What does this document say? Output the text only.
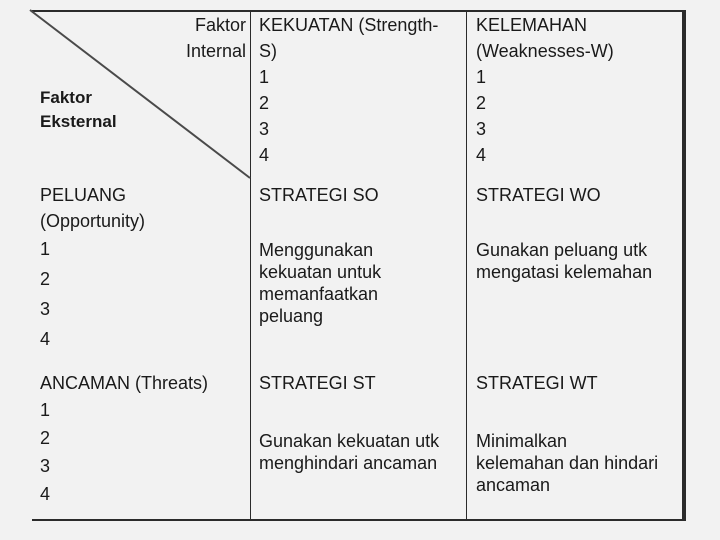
Faktor
Internal
Faktor
Eksternal
KEKUATAN (Strength-
S)
1
2
3
4
KELEMAHAN
(Weaknesses-W)
1
2
3
4
PELUANG
(Opportunity)
1
2
3
4
STRATEGI SO
Menggunakan
kekuatan untuk
memanfaatkan
peluang
STRATEGI WO
Gunakan peluang utk
mengatasi kelemahan
ANCAMAN (Threats)
1
2
3
4
STRATEGI ST
Gunakan kekuatan utk
menghindari ancaman
STRATEGI WT
Minimalkan
kelemahan dan hindari
ancaman
